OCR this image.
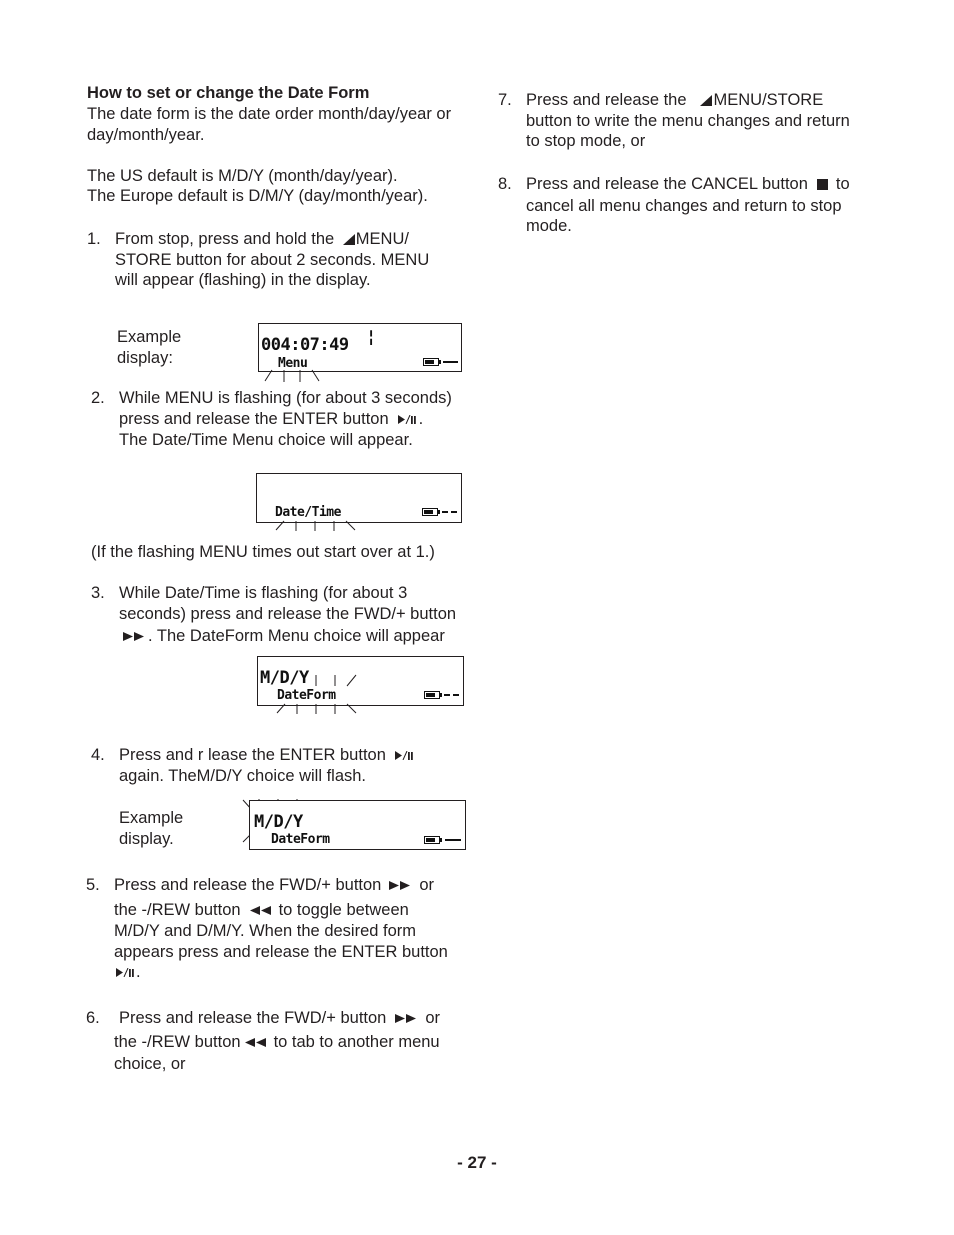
How to set or change the Date Form
The date form is the date order month/day/year or
day/month/year.
The US default is M/D/Y (month/day/year).
The Europe default is D/M/Y (day/month/year).
1. From stop, press and hold the MENU/
STORE button for about 2 seconds. MENU
will appear (flashing) in the display.
Example
display:
004:07:49 ¦
Menu
2. While MENU is flashing (for about 3 seconds)
press and release the ENTER button .
The Date/Time Menu choice will appear.
Date/Time
(If the flashing MENU times out start over at 1.)
3. While Date/Time is flashing (for about 3
seconds) press and release the FWD/+ button
. The DateForm Menu choice will appear
M/D/Y
DateForm
4. Press and r lease the ENTER button
again. TheM/D/Y choice will flash.
Example
display.
M/D/Y
DateForm
5. Press and release the FWD/+ button or
the -/REW button to toggle between
M/D/Y and D/M/Y. When the desired form
appears press and release the ENTER button
.
6. Press and release the FWD/+ button or
the -/REW button to tab to another menu
choice, or
7. Press and release the MENU/STORE
button to write the menu changes and return
to stop mode, or
8. Press and release the CANCEL button to
cancel all menu changes and return to stop
mode.
- 27 -
